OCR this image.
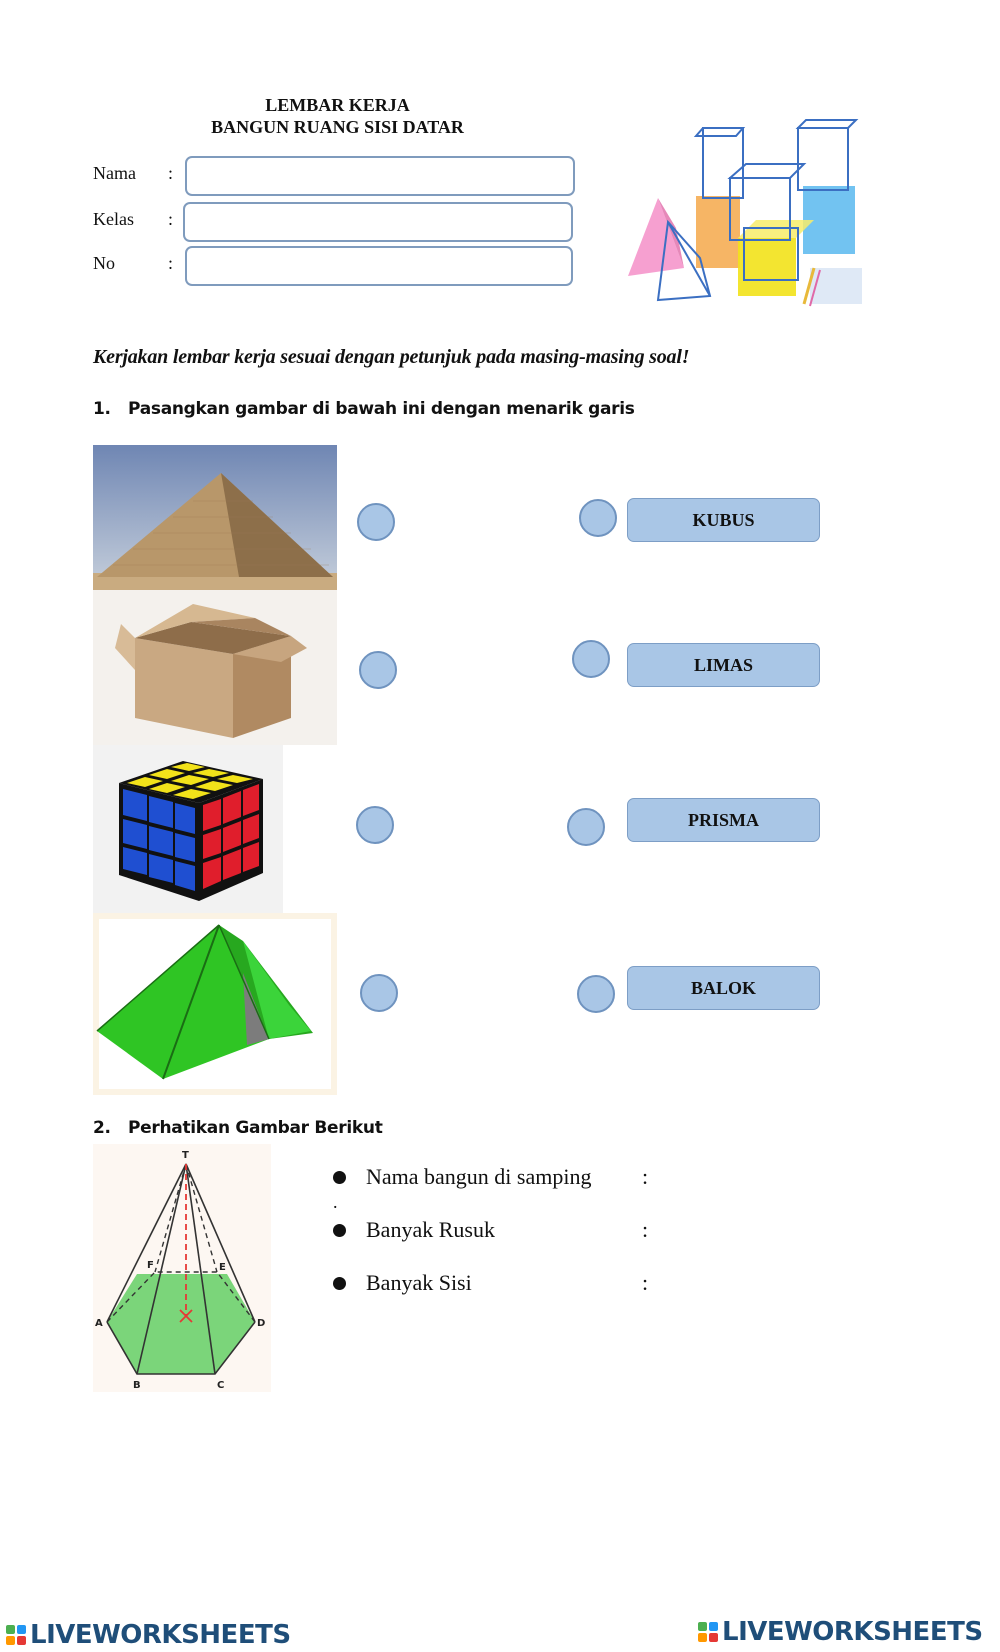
LEMBAR KERJA
BANGUN RUANG SISI DATAR
Nama :
Kelas :
No	:
Kerjakan lembar kerja sesuai dengan petunjuk pada masing-masing soal!
1. Pasangkan gambar di bawah ini dengan menarik garis
KUBUS
LIMAS
PRISMA
BALOK
2. Perhatikan Gambar Berikut
T
A
B	C
D
E
F
Nama bangun di samping :
.
Banyak Rusuk	:
Banyak Sisi	:
LIVEWORKSHEETS	LIVEWORKSHEETS
